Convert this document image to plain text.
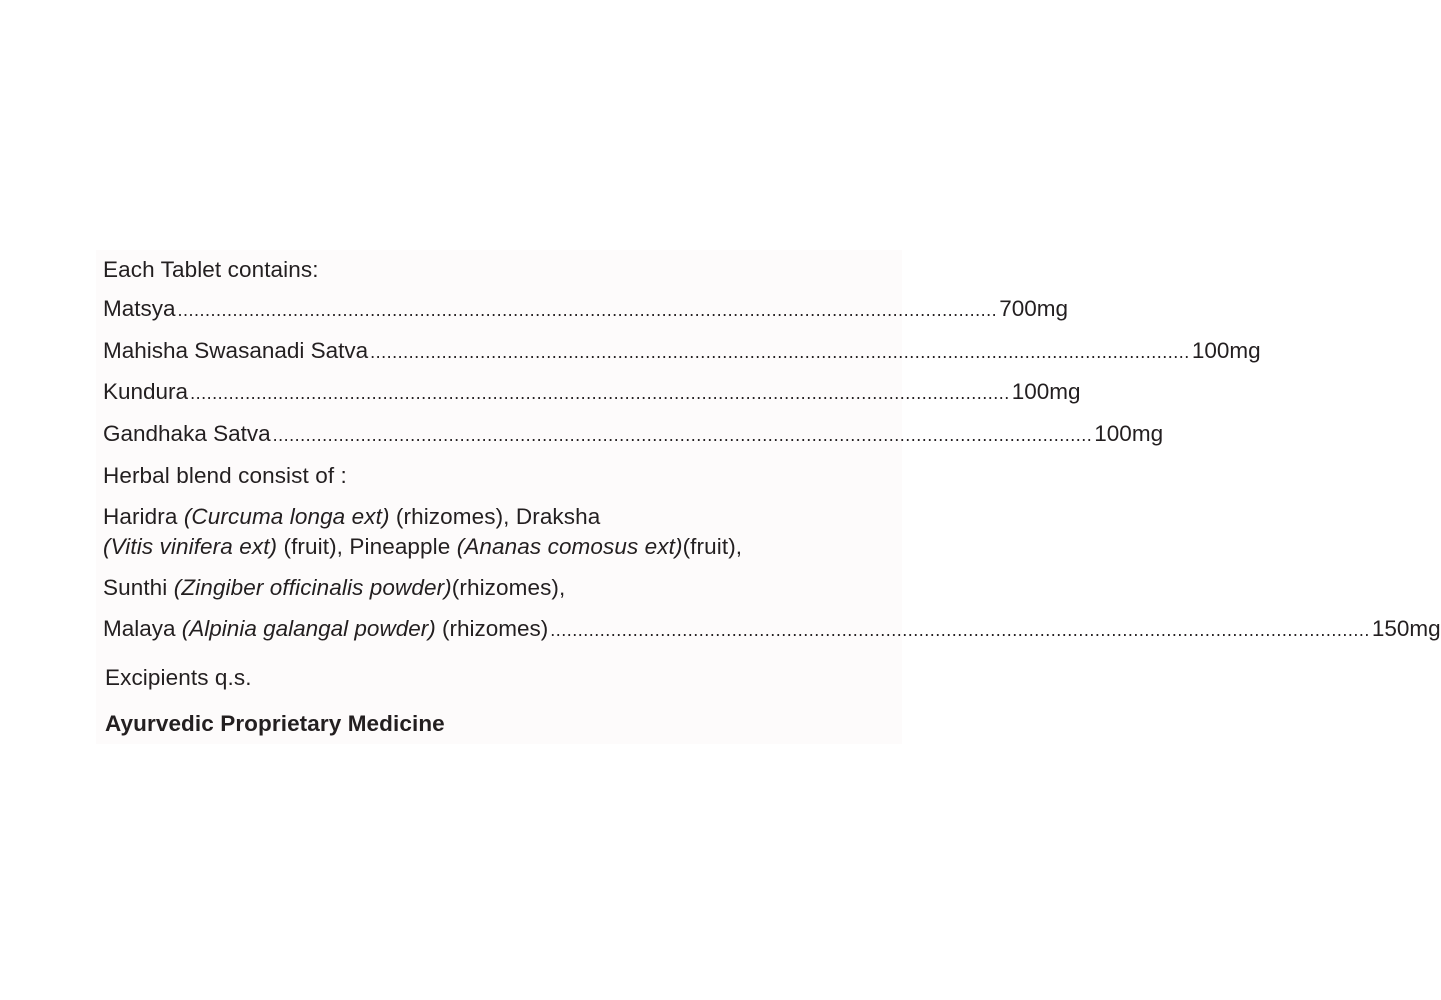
Each Tablet contains:
Matsya ..................................................................................................................................................... 700mg
Mahisha Swasanadi Satva ..................................................................................................................................................... 100mg
Kundura ..................................................................................................................................................... 100mg
Gandhaka Satva ..................................................................................................................................................... 100mg
Herbal blend consist of :
Haridra (Curcuma longa ext) (rhizomes), Draksha
(Vitis vinifera ext) (fruit), Pineapple (Ananas comosus ext)(fruit),
Sunthi (Zingiber officinalis powder)(rhizomes),
Malaya (Alpinia galangal powder) (rhizomes) ..................................................................................................................................................... 150mg
Excipients q.s.
Ayurvedic Proprietary Medicine
